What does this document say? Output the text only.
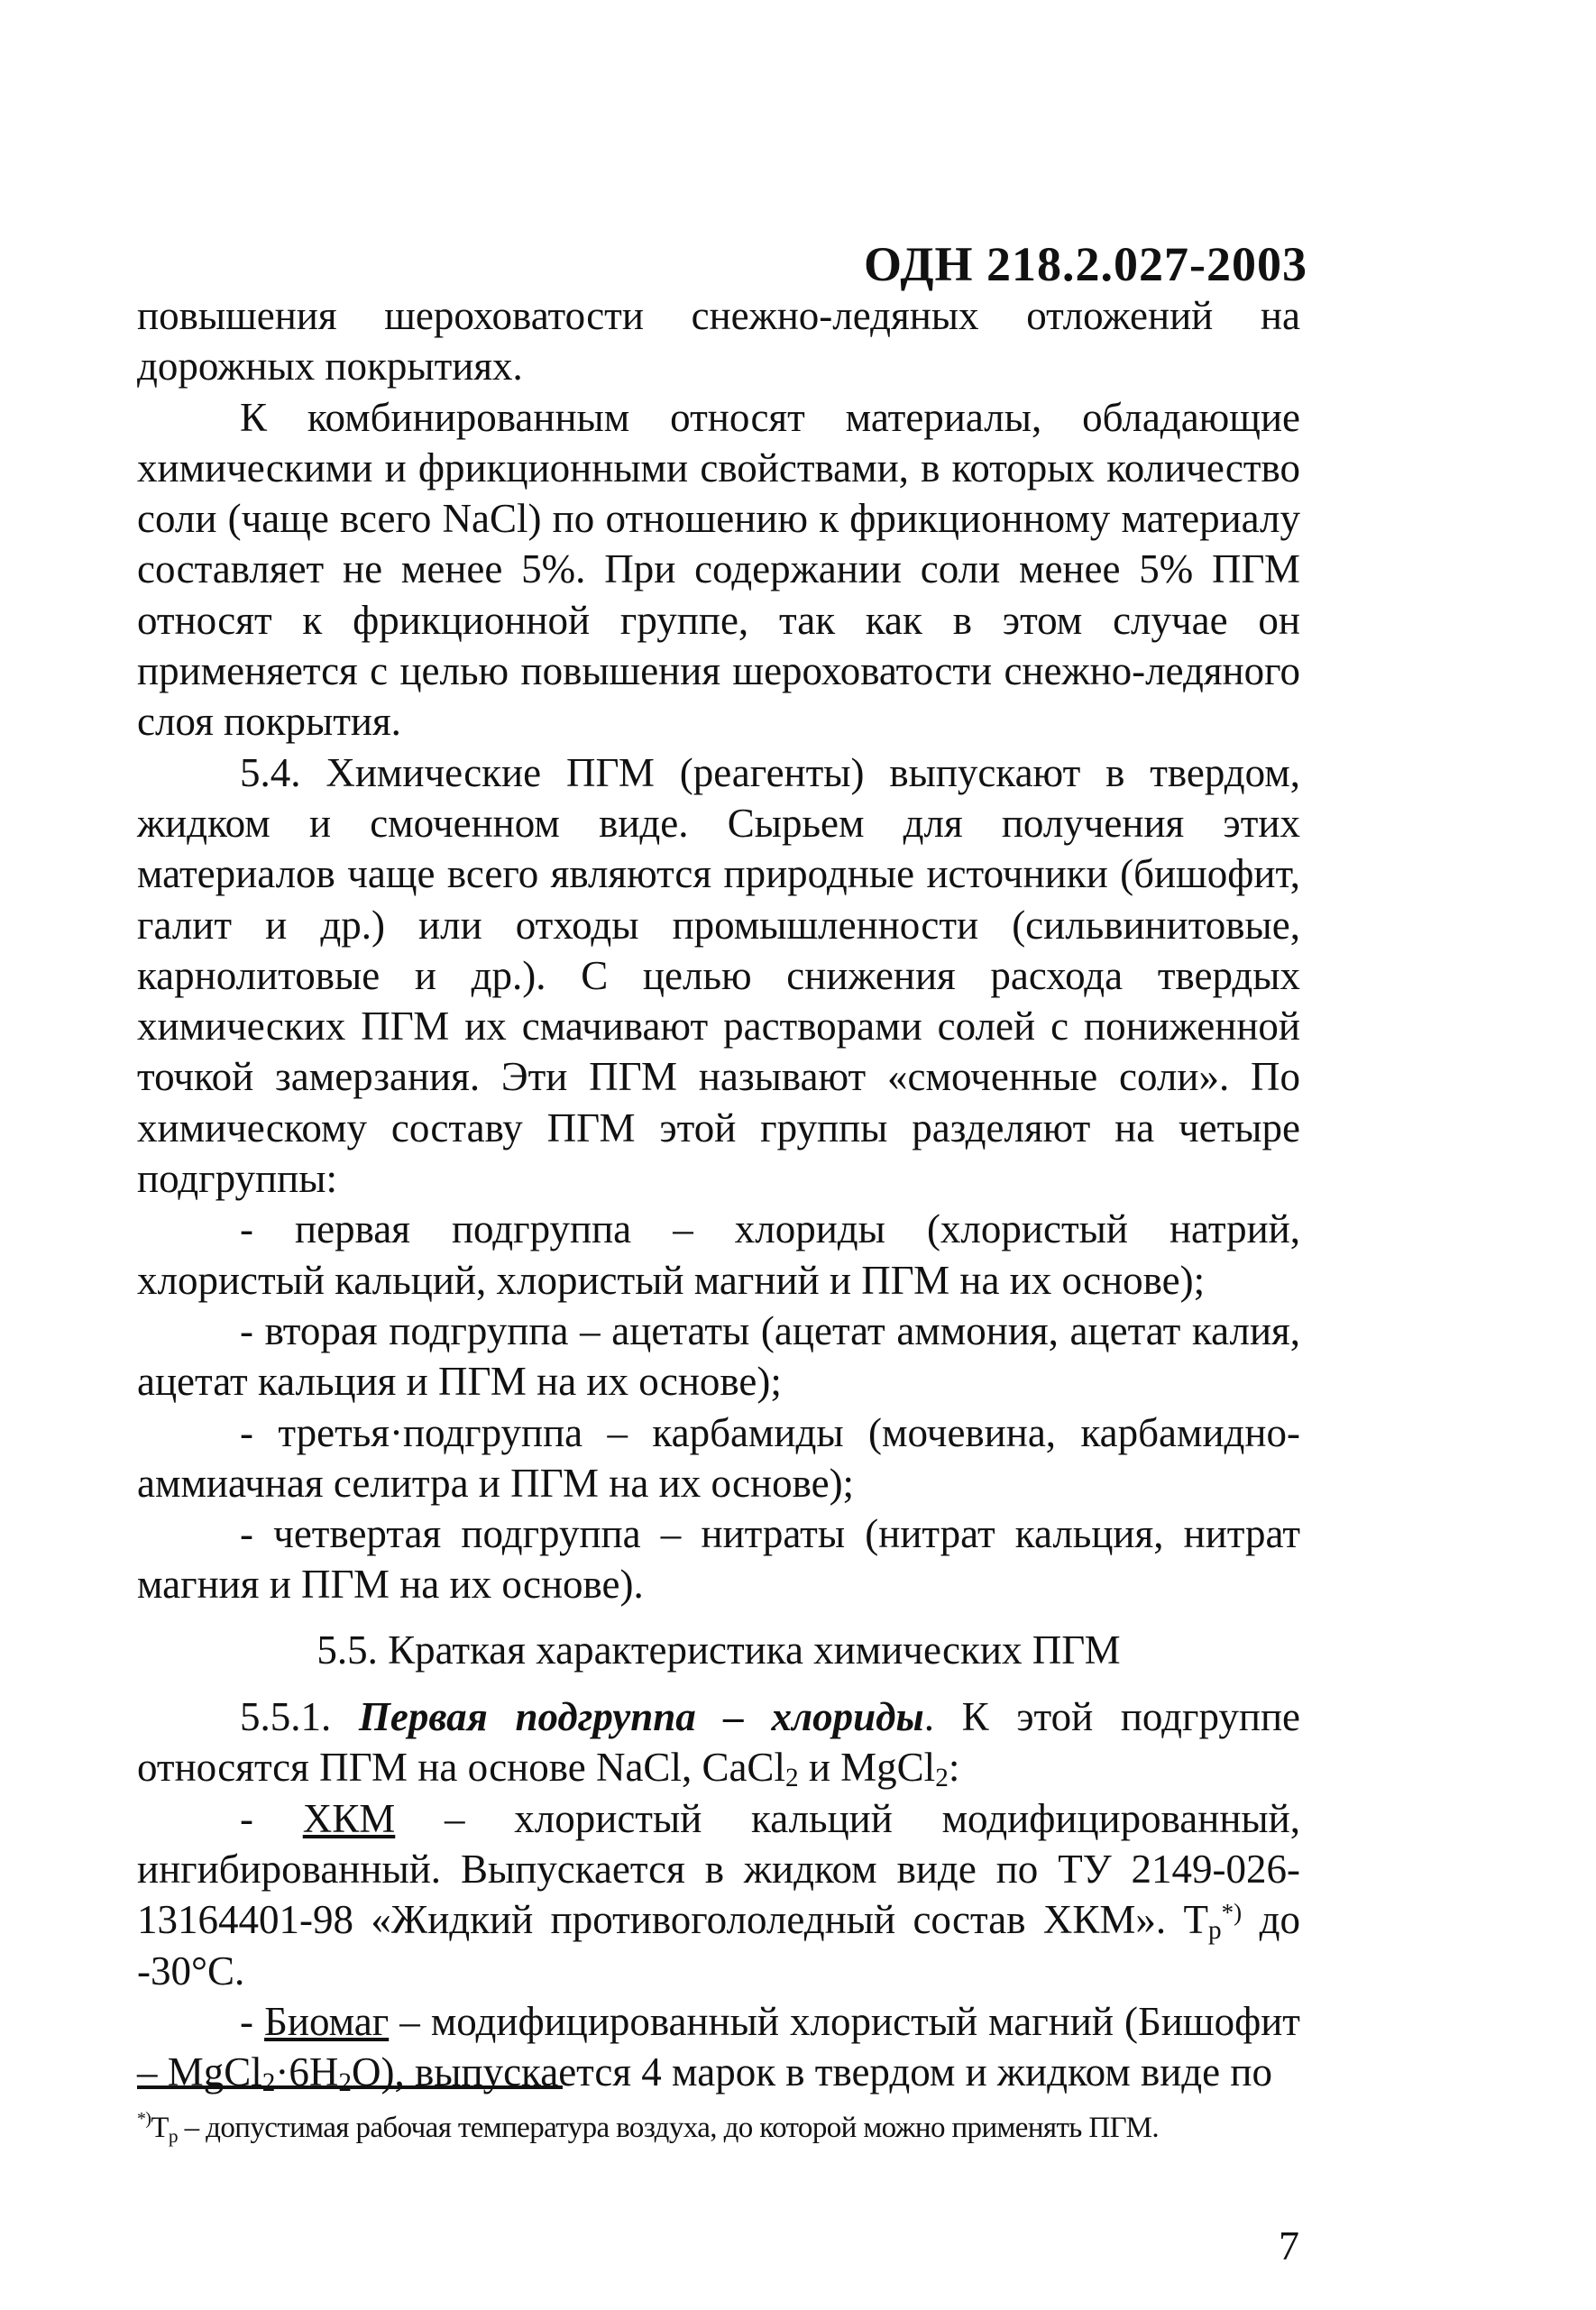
ОДН 218.2.027-2003

повышения шероховатости снежно-ледяных отложений на дорожных покрытиях.

К комбинированным относят материалы, обладающие химическими и фрикционными свойствами, в которых количество соли (чаще всего NaCl) по отношению к фрикционному материалу составляет не менее 5%. При содержании соли менее 5% ПГМ относят к фрикционной группе, так как в этом случае он применяется с целью повышения шероховатости снежно-ледяного слоя покрытия.

5.4. Химические ПГМ (реагенты) выпускают в твердом, жидком и смоченном виде. Сырьем для получения этих материалов чаще всего являются природные источники (бишофит, галит и др.) или отходы промышленности (сильвинитовые, карнолитовые и др.). С целью снижения расхода твердых химических ПГМ их смачивают растворами солей с пониженной точкой замерзания. Эти ПГМ называют «смоченные соли». По химическому составу ПГМ этой группы разделяют на четыре подгруппы:

- первая подгруппа – хлориды (хлористый натрий, хлористый кальций, хлористый магний и ПГМ на их основе);

- вторая подгруппа – ацетаты (ацетат аммония, ацетат калия, ацетат кальция и ПГМ на их основе);

- третья·подгруппа – карбамиды (мочевина, карбамидно-аммиачная селитра и ПГМ на их основе);

- четвертая подгруппа – нитраты (нитрат кальция, нитрат магния и ПГМ на их основе).

5.5. Краткая характеристика химических ПГМ

5.5.1. Первая подгруппа – хлориды. К этой подгруппе относятся ПГМ на основе NaCl, CaCl$_2$ и MgCl$_2$:

- ХКМ – хлористый кальций модифицированный, ингибированный. Выпускается в жидком виде по ТУ 2149-026-13164401-98 «Жидкий противогололедный состав ХКМ». $Т_р^{*)}$ до -30°С.

- Биомаг – модифицированный хлористый магний (Бишофит – $MgCl_2\cdot 6H_2O$), выпускается 4 марок в твердом и жидком виде по

$^{*)}Т_р$ – допустимая рабочая температура воздуха, до которой можно применять ПГМ.
7
